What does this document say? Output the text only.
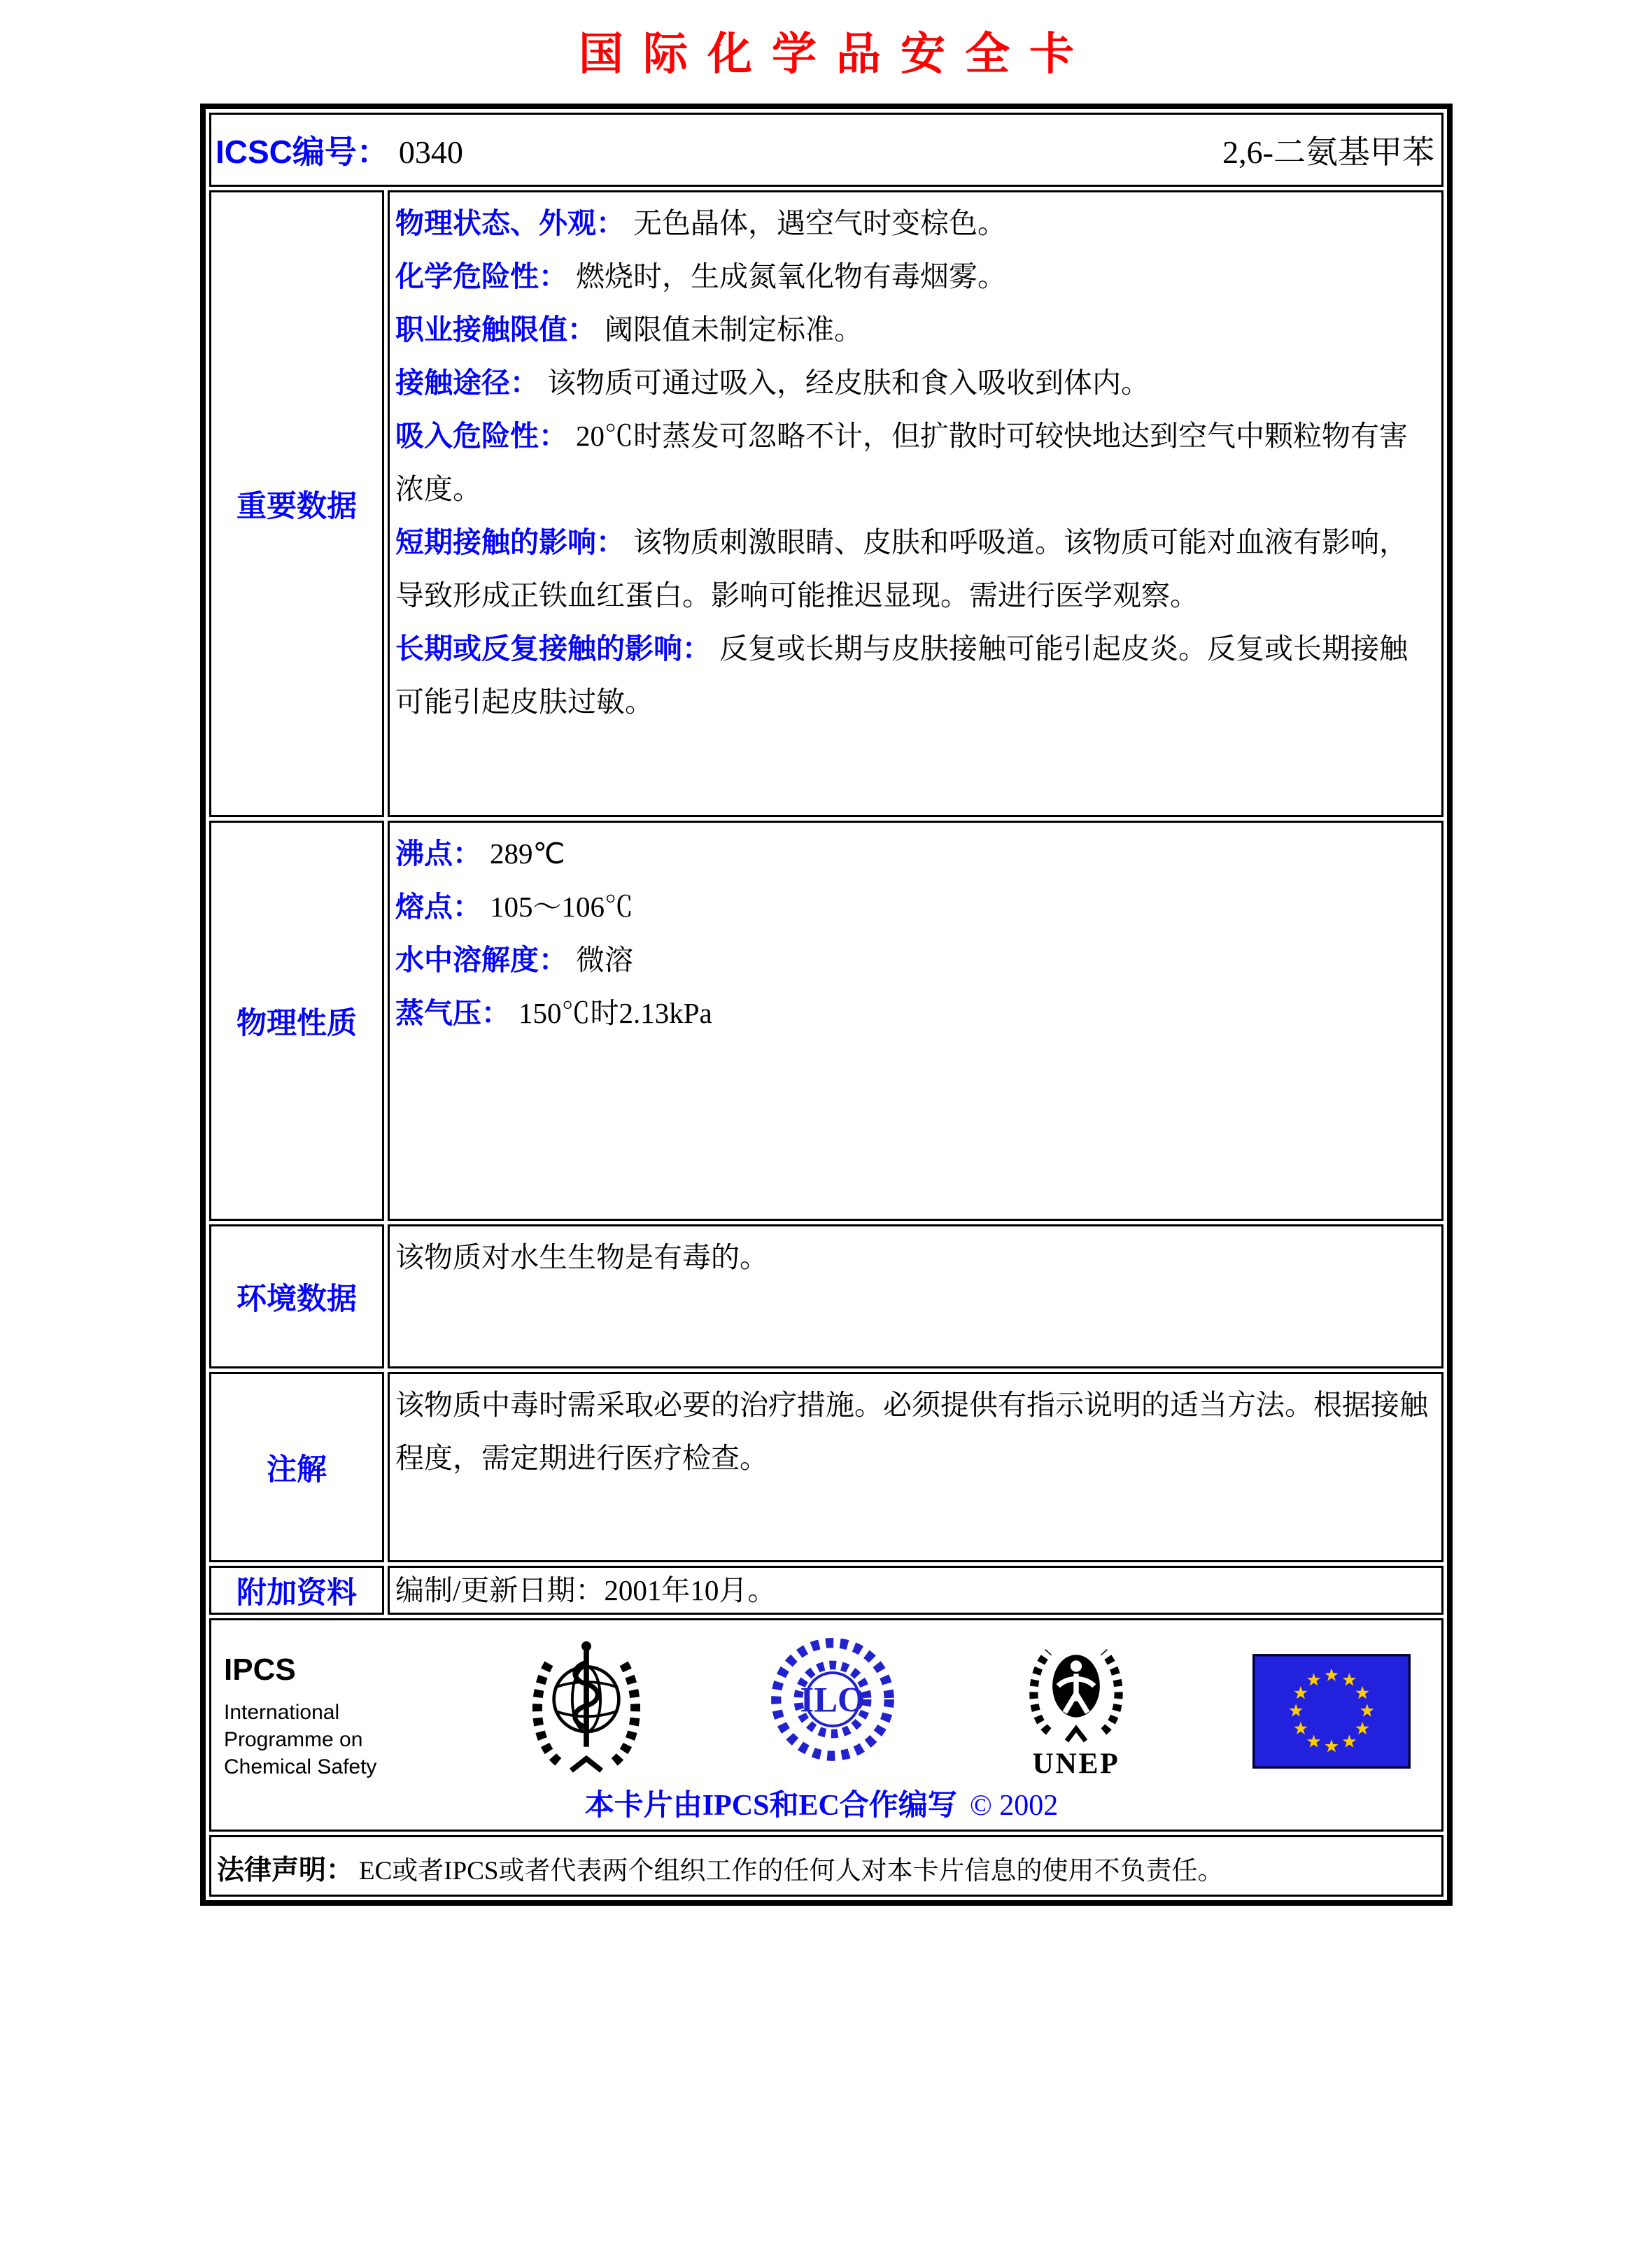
国际化学品安全卡
ICSC编号： 0340	2,6-二氨基甲苯
重要数据
物理状态、外观： 无色晶体，遇空气时变棕色。
化学危险性： 燃烧时，生成氮氧化物有毒烟雾。
职业接触限值： 阈限值未制定标准。
接触途径： 该物质可通过吸入，经皮肤和食入吸收到体内。
吸入危险性： 20℃时蒸发可忽略不计，但扩散时可较快地达到空气中颗粒物有害浓度。
短期接触的影响： 该物质刺激眼睛、皮肤和呼吸道。该物质可能对血液有影响，导致形成正铁血红蛋白。影响可能推迟显现。需进行医学观察。
长期或反复接触的影响： 反复或长期与皮肤接触可能引起皮炎。反复或长期接触可能引起皮肤过敏。
物理性质
沸点： 289℃
熔点： 105～106℃
水中溶解度： 微溶
蒸气压： 150℃时2.13kPa
环境数据
该物质对水生生物是有毒的。
注解
该物质中毒时需采取必要的治疗措施。必须提供有指示说明的适当方法。根据接触程度，需定期进行医疗检查。
附加资料 编制/更新日期：2001年10月。
IPCS
International
Programme on
Chemical Safety
ILO
UNEP
本卡片由IPCS和EC合作编写 © 2002
法律声明： EC或者IPCS或者代表两个组织工作的任何人对本卡片信息的使用不负责任。
